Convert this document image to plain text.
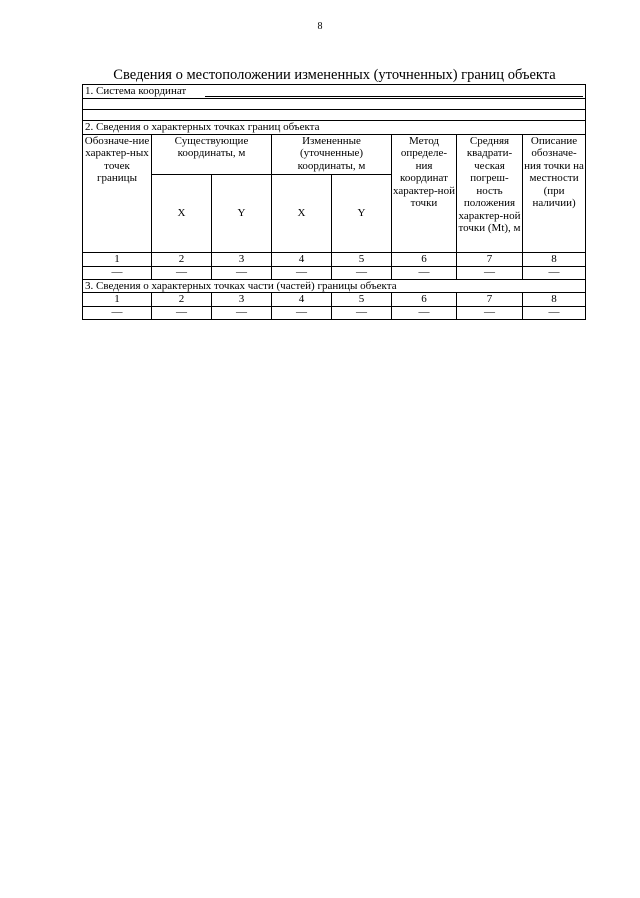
8
Сведения о местоположении измененных (уточненных) границ объекта
1. Система координат							

2. Сведения о характерных точках границ объекта							
Обозначе-ние характер-ных точек границы	Существующие координаты, м		Измененные (уточненные) координаты, м		Метод определе-ния координат характер-ной точки	Средняя квадрати-ческая погреш-ность положения характер-ной точки (Mt), м	Описание обозначе-ния точки на местности (при наличии)
	X	Y	X	Y			
1	2	3	4	5	6	7	8
—	—	—	—	—	—	—	—
3. Сведения о характерных точках части (частей) границы объекта							
1	2	3	4	5	6	7	8
—	—	—	—	—	—	—	—
